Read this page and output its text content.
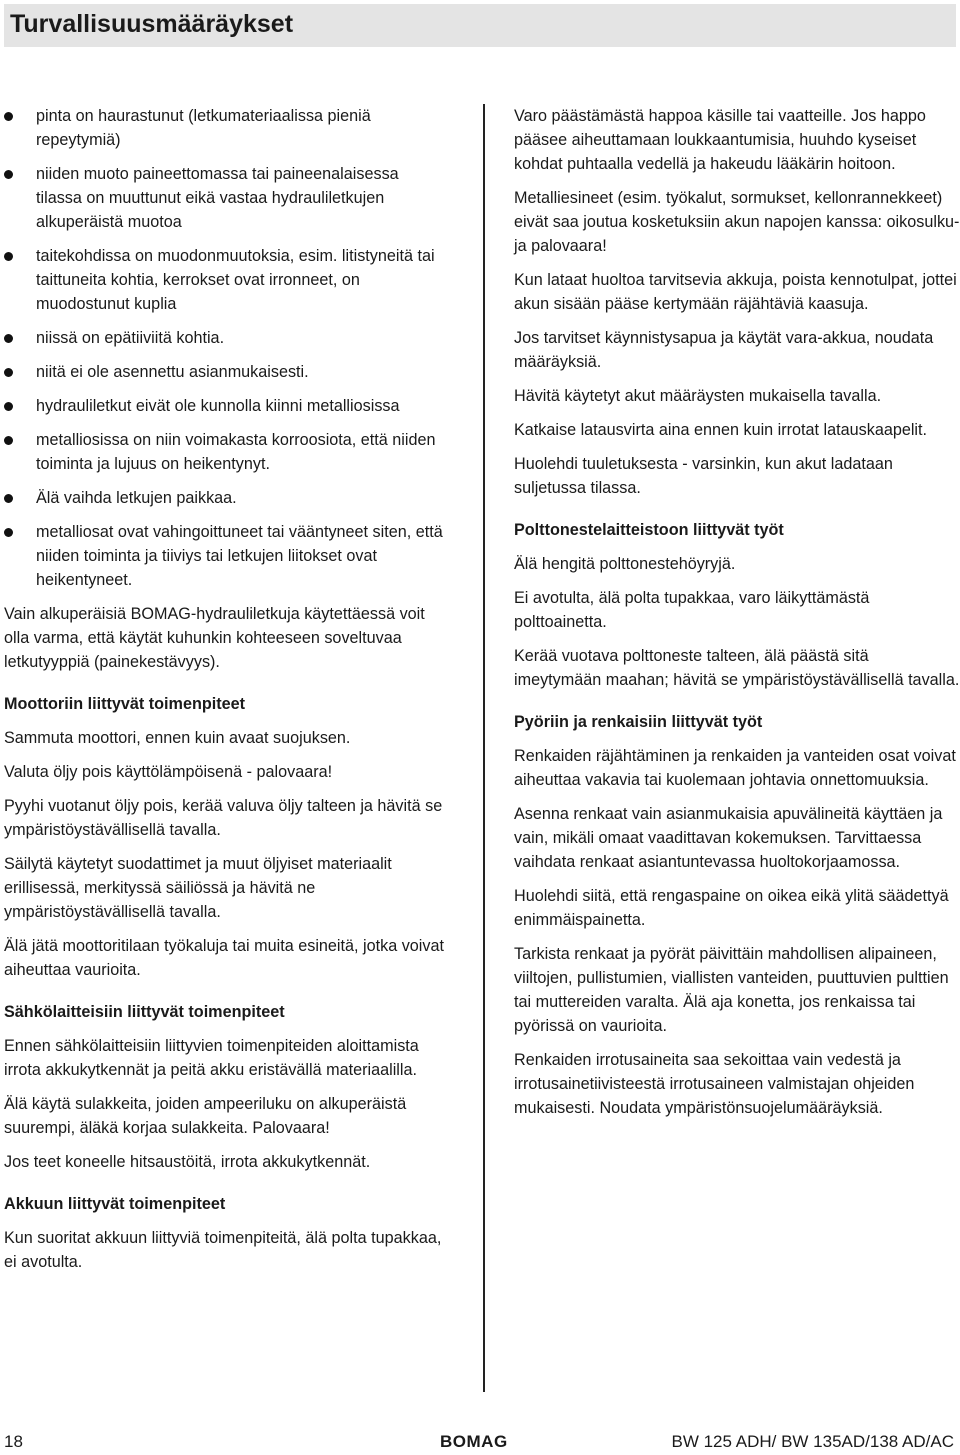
Turvallisuusmääräykset
pinta on haurastunut (letkumateriaalissa pieniä repeytymiä)
niiden muoto paineettomassa tai paineenalaisessa tilassa on muuttunut eikä vastaa hydrauliletkujen alkuperäistä muotoa
taitekohdissa on muodonmuutoksia, esim. litistyneitä tai taittuneita kohtia, kerrokset ovat irronneet, on muodostunut kuplia
niissä on epätiiviitä kohtia.
niitä ei ole asennettu asianmukaisesti.
hydrauliletkut eivät ole kunnolla kiinni metalliosissa
metalliosissa on niin voimakasta korroosiota, että niiden toiminta ja lujuus on heikentynyt.
Älä vaihda letkujen paikkaa.
metalliosat ovat vahingoittuneet tai vääntyneet siten, että niiden toiminta ja tiiviys tai letkujen liitokset ovat heikentyneet.

Vain alkuperäisiä BOMAG-hydrauliletkuja käytettäessä voit olla varma, että käytät kuhunkin kohteeseen soveltuvaa letkutyyppiä (painekestävyys).

Moottoriin liittyvät toimenpiteet

Sammuta moottori, ennen kuin avaat suojuksen.

Valuta öljy pois käyttölämpöisenä - palovaara!

Pyyhi vuotanut öljy pois, kerää valuva öljy talteen ja hävitä se ympäristöystävällisellä tavalla.

Säilytä käytetyt suodattimet ja muut öljyiset materiaalit erillisessä, merkityssä säiliössä ja hävitä ne ympäristöystävällisellä tavalla.

Älä jätä moottoritilaan työkaluja tai muita esineitä, jotka voivat aiheuttaa vaurioita.

Sähkölaitteisiin liittyvät toimenpiteet

Ennen sähkölaitteisiin liittyvien toimenpiteiden aloittamista irrota akkukytkennät ja peitä akku eristävällä materiaalilla.

Älä käytä sulakkeita, joiden ampeeriluku on alkuperäistä suurempi, äläkä korjaa sulakkeita. Palovaara!

Jos teet koneelle hitsaustöitä, irrota akkukytkennät.

Akkuun liittyvät toimenpiteet

Kun suoritat akkuun liittyviä toimenpiteitä, älä polta tupakkaa, ei avotulta.

Varo päästämästä happoa käsille tai vaatteille. Jos happo pääsee aiheuttamaan loukkaantumisia, huuhdo kyseiset kohdat puhtaalla vedellä ja hakeudu lääkärin hoitoon.

Metalliesineet (esim. työkalut, sormukset, kellonrannekkeet) eivät saa joutua kosketuksiin akun napojen kanssa: oikosulku- ja palovaara!

Kun lataat huoltoa tarvitsevia akkuja, poista kennotulpat, jottei akun sisään pääse kertymään räjähtäviä kaasuja.

Jos tarvitset käynnistysapua ja käytät vara-akkua, noudata määräyksiä.

Hävitä käytetyt akut määräysten mukaisella tavalla.

Katkaise latausvirta aina ennen kuin irrotat latauskaapelit.

Huolehdi tuuletuksesta - varsinkin, kun akut ladataan suljetussa tilassa.

Polttonestelaitteistoon liittyvät työt

Älä hengitä polttonestehöyryjä.

Ei avotulta, älä polta tupakkaa, varo läikyttämästä polttoainetta.

Kerää vuotava polttoneste talteen, älä päästä sitä imeytymään maahan; hävitä se ympäristöystävällisellä tavalla.

Pyöriin ja renkaisiin liittyvät työt

Renkaiden räjähtäminen ja renkaiden ja vanteiden osat voivat aiheuttaa vakavia tai kuolemaan johtavia onnettomuuksia.

Asenna renkaat vain asianmukaisia apuvälineitä käyttäen ja vain, mikäli omaat vaadittavan kokemuksen. Tarvittaessa vaihdata renkaat asiantuntevassa huoltokorjaamossa.

Huolehdi siitä, että rengaspaine on oikea eikä ylitä säädettyä enimmäispainetta.

Tarkista renkaat ja pyörät päivittäin mahdollisen alipaineen, viiltojen, pullistumien, viallisten vanteiden, puuttuvien pulttien tai muttereiden varalta. Älä aja konetta, jos renkaissa tai pyörissä on vaurioita.

Renkaiden irrotusaineita saa sekoittaa vain vedestä ja irrotusainetiivisteestä irrotusaineen valmistajan ohjeiden mukaisesti. Noudata ympäristönsuojelumääräyksiä.

18	BOMAG	BW 125 ADH/ BW 135AD/138 AD/AC
